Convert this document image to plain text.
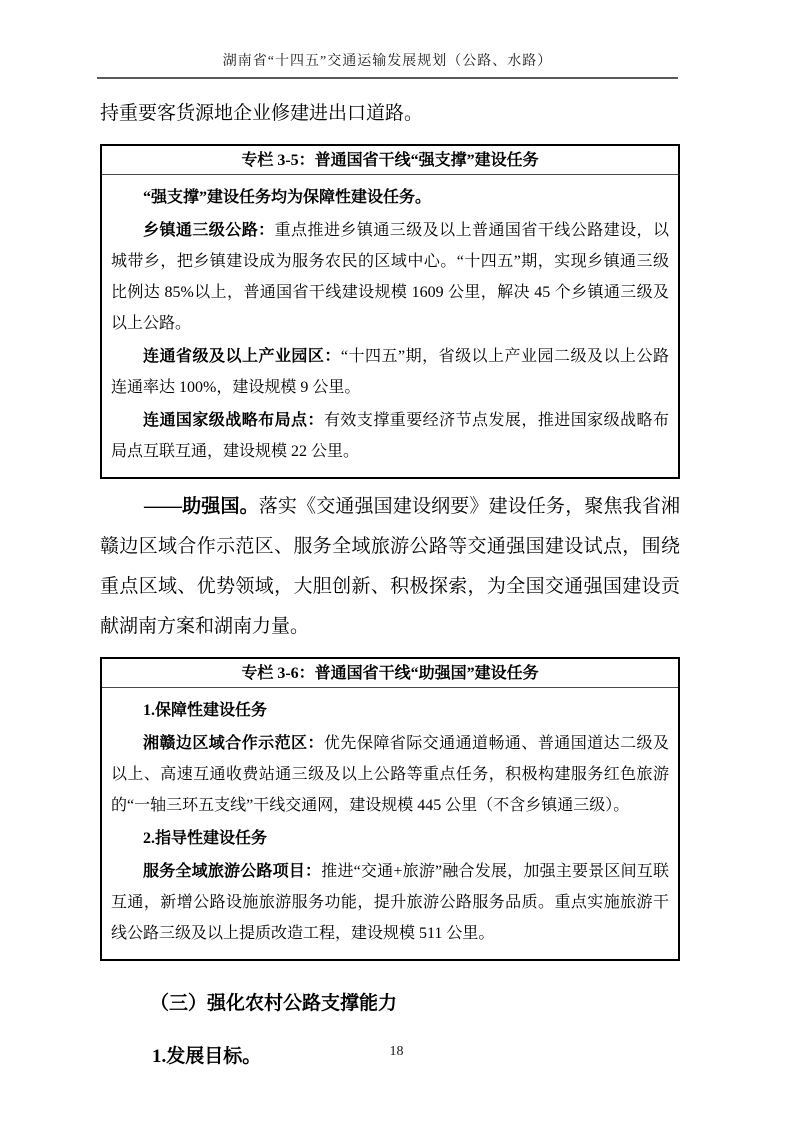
湖南省“十四五”交通运输发展规划（公路、水路）

持重要客货源地企业修建进出口道路。

专栏 3-5：普通国省干线“强支撑”建设任务

“强支撑”建设任务均为保障性建设任务。

乡镇通三级公路：重点推进乡镇通三级及以上普通国省干线公路建设，以城带乡，把乡镇建设成为服务农民的区域中心。“十四五”期，实现乡镇通三级比例达 85%以上，普通国省干线建设规模 1609 公里，解决 45 个乡镇通三级及以上公路。

连通省级及以上产业园区：“十四五”期，省级以上产业园二级及以上公路连通率达 100%，建设规模 9 公里。

连通国家级战略布局点：有效支撑重要经济节点发展，推进国家级战略布局点互联互通，建设规模 22 公里。

——助强国。落实《交通强国建设纲要》建设任务，聚焦我省湘赣边区域合作示范区、服务全域旅游公路等交通强国建设试点，围绕重点区域、优势领域，大胆创新、积极探索，为全国交通强国建设贡献湖南方案和湖南力量。

专栏 3-6：普通国省干线“助强国”建设任务

1.保障性建设任务

湘赣边区域合作示范区：优先保障省际交通通道畅通、普通国道达二级及以上、高速互通收费站通三级及以上公路等重点任务，积极构建服务红色旅游的“一轴三环五支线”干线交通网，建设规模 445 公里（不含乡镇通三级）。

2.指导性建设任务

服务全域旅游公路项目：推进“交通+旅游”融合发展，加强主要景区间互联互通，新增公路设施旅游服务功能，提升旅游公路服务品质。重点实施旅游干线公路三级及以上提质改造工程，建设规模 511 公里。

（三）强化农村公路支撑能力
1.发展目标。	18
